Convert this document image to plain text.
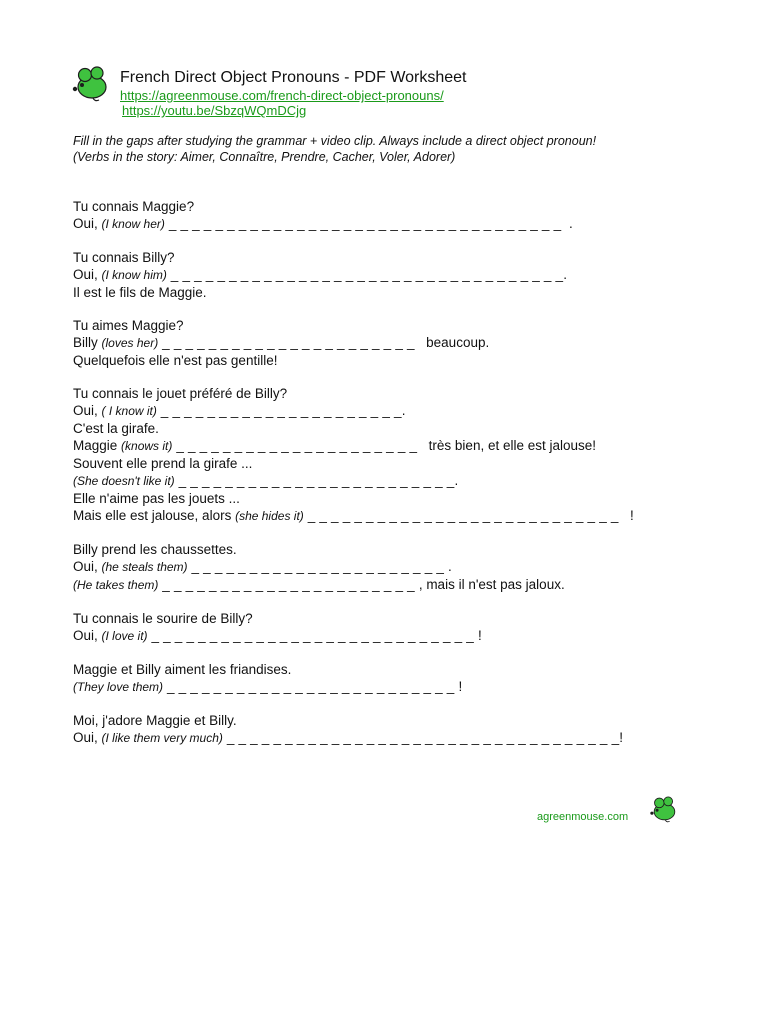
French Direct Object Pronouns - PDF Worksheet
https://agreenmouse.com/french-direct-object-pronouns/
https://youtu.be/SbzqWQmDCjg
Fill in the gaps after studying the grammar + video clip. Always include a direct object pronoun!
(Verbs in the story: Aimer, Connaître, Prendre, Cacher, Voler, Adorer)
Tu connais Maggie?
Oui, (I know her) _ _ _ _ _ _ _ _ _ _ _ _ _ _ _ _ _ _ _ _ _ _ _ _ _ _ _ _ _ _ _ _ _ _  .
Tu connais Billy?
Oui, (I know him) _ _ _ _ _ _ _ _ _ _ _ _ _ _ _ _ _ _ _ _ _ _ _ _ _ _ _ _ _ _ _ _ _ _.
Il est le fils de Maggie.
Tu aimes Maggie?
Billy (loves her) _ _ _ _ _ _ _ _ _ _ _ _ _ _ _ _ _ _ _ _ _ _   beaucoup.
Quelquefois elle n'est pas gentille!
Tu connais le jouet préféré de Billy?
Oui, ( I know it) _ _ _ _ _ _ _ _ _ _ _ _ _ _ _ _ _ _ _ _ _.
C'est la girafe.
Maggie (knows it) _ _ _ _ _ _ _ _ _ _ _ _ _ _ _ _ _ _ _ _ _   très bien, et elle est jalouse!
Souvent elle prend la girafe ...
(She doesn't like it) _ _ _ _ _ _ _ _ _ _ _ _ _ _ _ _ _ _ _ _ _ _ _ _.
Elle n'aime pas les jouets ...
Mais elle est jalouse, alors (she hides it) _ _ _ _ _ _ _ _ _ _ _ _ _ _ _ _ _ _ _ _ _ _ _ _ _ _ _   !
Billy prend les chaussettes.
Oui, (he steals them) _ _ _ _ _ _ _ _ _ _ _ _ _ _ _ _ _ _ _ _ _ _ .
(He takes them) _ _ _ _ _ _ _ _ _ _ _ _ _ _ _ _ _ _ _ _ _ _ , mais il n'est pas jaloux.
Tu connais le sourire de Billy?
Oui, (I love it) _ _ _ _ _ _ _ _ _ _ _ _ _ _ _ _ _ _ _ _ _ _ _ _ _ _ _ _ !
Maggie et Billy aiment les friandises.
(They love them) _ _ _ _ _ _ _ _ _ _ _ _ _ _ _ _ _ _ _ _ _ _ _ _ _ !
Moi, j'adore Maggie et Billy.
Oui, (I like them very much) _ _ _ _ _ _ _ _ _ _ _ _ _ _ _ _ _ _ _ _ _ _ _ _ _ _ _ _ _ _ _ _ _ _!
agreenmouse.com
